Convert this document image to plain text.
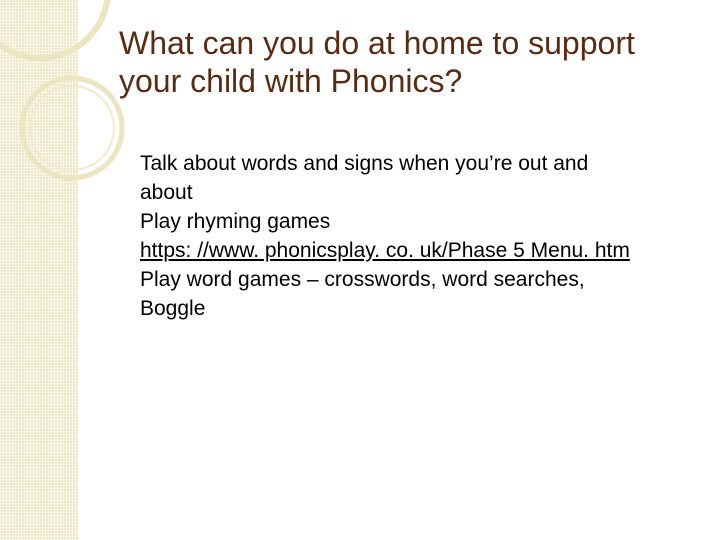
What can you do at home to support your child with Phonics?
Talk about words and signs when you’re out and about
Play rhyming games
https: //www. phonicsplay. co. uk/Phase 5 Menu. htm
Play word games – crosswords, word searches, Boggle
